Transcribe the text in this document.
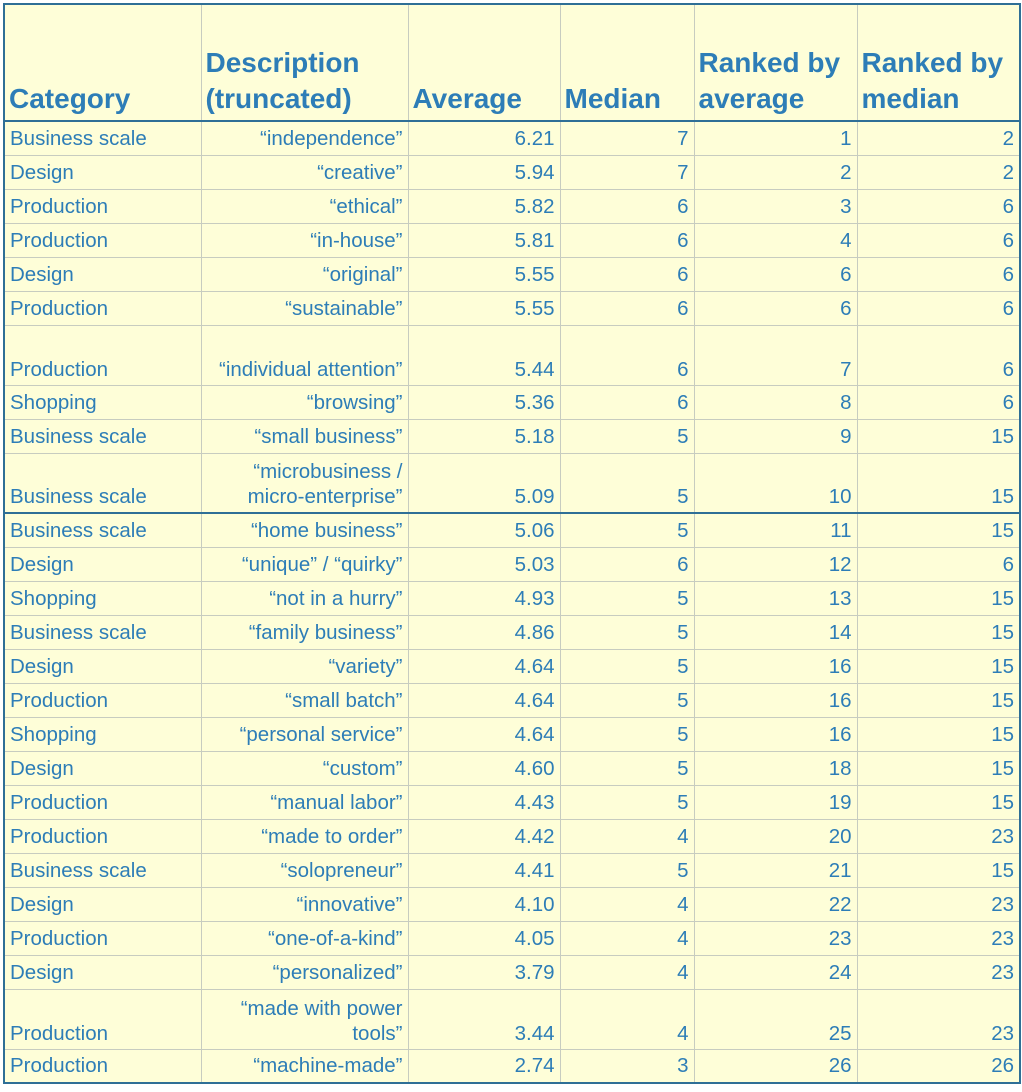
Category	Description (truncated)	Average	Median	Ranked by average	Ranked by median
Business scale	“independence”	6.21	7	1	2
Design	“creative”	5.94	7	2	2
Production	“ethical”	5.82	6	3	6
Production	“in-house”	5.81	6	4	6
Design	“original”	5.55	6	6	6
Production	“sustainable”	5.55	6	6	6
Production	“individual attention”	5.44	6	7	6
Shopping	“browsing”	5.36	6	8	6
Business scale	“small business”	5.18	5	9	15
Business scale	“microbusiness / micro-enterprise”	5.09	5	10	15
Business scale	“home business”	5.06	5	11	15
Design	“unique” / “quirky”	5.03	6	12	6
Shopping	“not in a hurry”	4.93	5	13	15
Business scale	“family business”	4.86	5	14	15
Design	“variety”	4.64	5	16	15
Production	“small batch”	4.64	5	16	15
Shopping	“personal service”	4.64	5	16	15
Design	“custom”	4.60	5	18	15
Production	“manual labor”	4.43	5	19	15
Production	“made to order”	4.42	4	20	23
Business scale	“solopreneur”	4.41	5	21	15
Design	“innovative”	4.10	4	22	23
Production	“one-of-a-kind”	4.05	4	23	23
Design	“personalized”	3.79	4	24	23
Production	“made with power tools”	3.44	4	25	23
Production	“machine-made”	2.74	3	26	26
